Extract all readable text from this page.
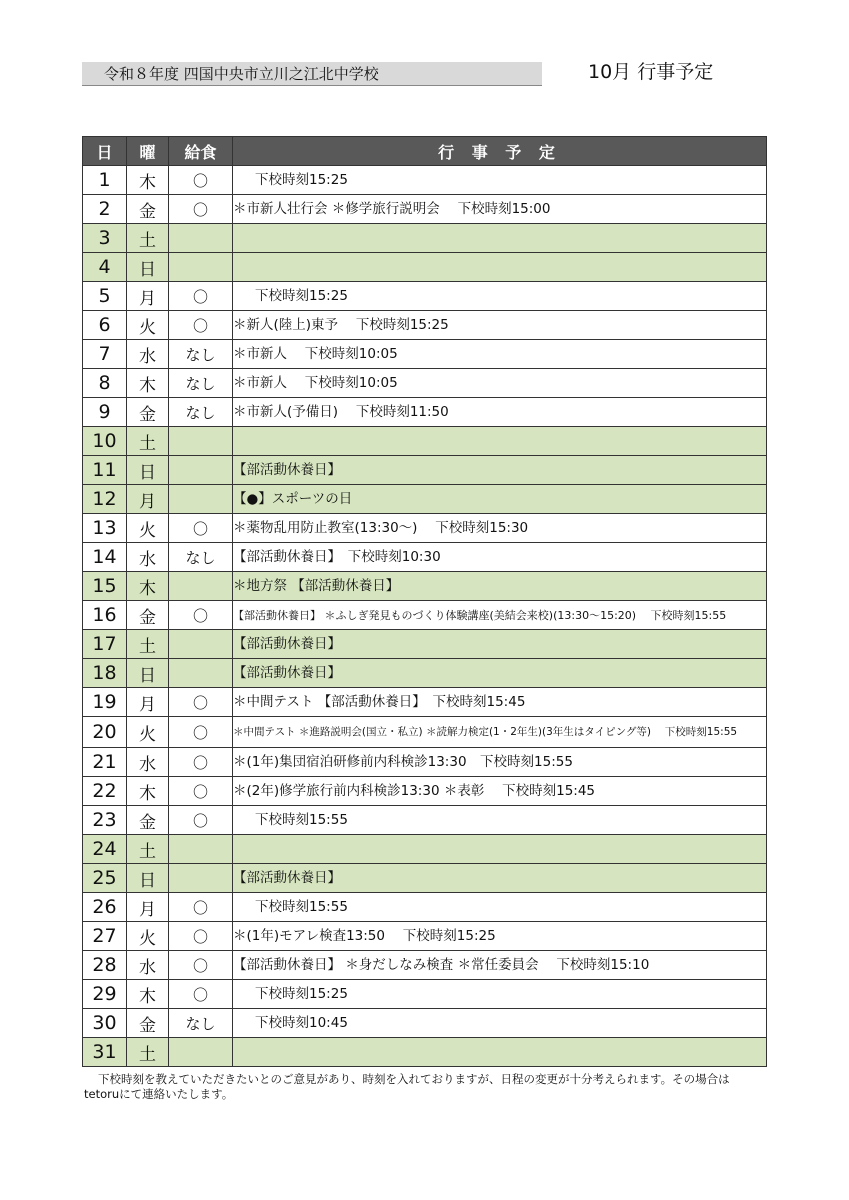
令和８年度 四国中央市立川之江北中学校	10月 行事予定
日	曜	給食	行 事 予 定
1	木	〇	下校時刻15:25
2	金	〇	＊市新人壮行会 ＊修学旅行説明会　 下校時刻15:00
3	土		
4	日		
5	月	〇	下校時刻15:25
6	火	〇	＊新人(陸上)東予　 下校時刻15:25
7	水	なし	＊市新人　 下校時刻10:05
8	木	なし	＊市新人　 下校時刻10:05
9	金	なし	＊市新人(予備日)　 下校時刻11:50
10	土		
11	日		【部活動休養日】
12	月		【●】スポーツの日
13	火	〇	＊薬物乱用防止教室(13:30～)　 下校時刻15:30
14	水	なし	【部活動休養日】　下校時刻10:30
15	木		＊地方祭 【部活動休養日】
16	金	〇	【部活動休養日】 ＊ふしぎ発見ものづくり体験講座(美結会来校)(13:30～15:20)　 下校時刻15:55
17	土		【部活動休養日】
18	日		【部活動休養日】
19	月	〇	＊中間テスト 【部活動休養日】　下校時刻15:45
20	火	〇	＊中間テスト ＊進路説明会(国立・私立) ＊読解力検定(1・2年生)(3年生はタイピング等)　 下校時刻15:55
21	水	〇	＊(1年)集団宿泊研修前内科検診13:30　下校時刻15:55
22	木	〇	＊(2年)修学旅行前内科検診13:30 ＊表彰　 下校時刻15:45
23	金	〇	下校時刻15:55
24	土		
25	日		【部活動休養日】
26	月	〇	下校時刻15:55
27	火	〇	＊(1年)モアレ検査13:50　 下校時刻15:25
28	水	〇	【部活動休養日】 ＊身だしなみ検査 ＊常任委員会　 下校時刻15:10
29	木	〇	下校時刻15:25
30	金	なし	下校時刻10:45
31	土		
下校時刻を教えていただきたいとのご意見があり、時刻を入れておりますが、日程の変更が十分考えられます。その場合はtetoruにて連絡いたします。
